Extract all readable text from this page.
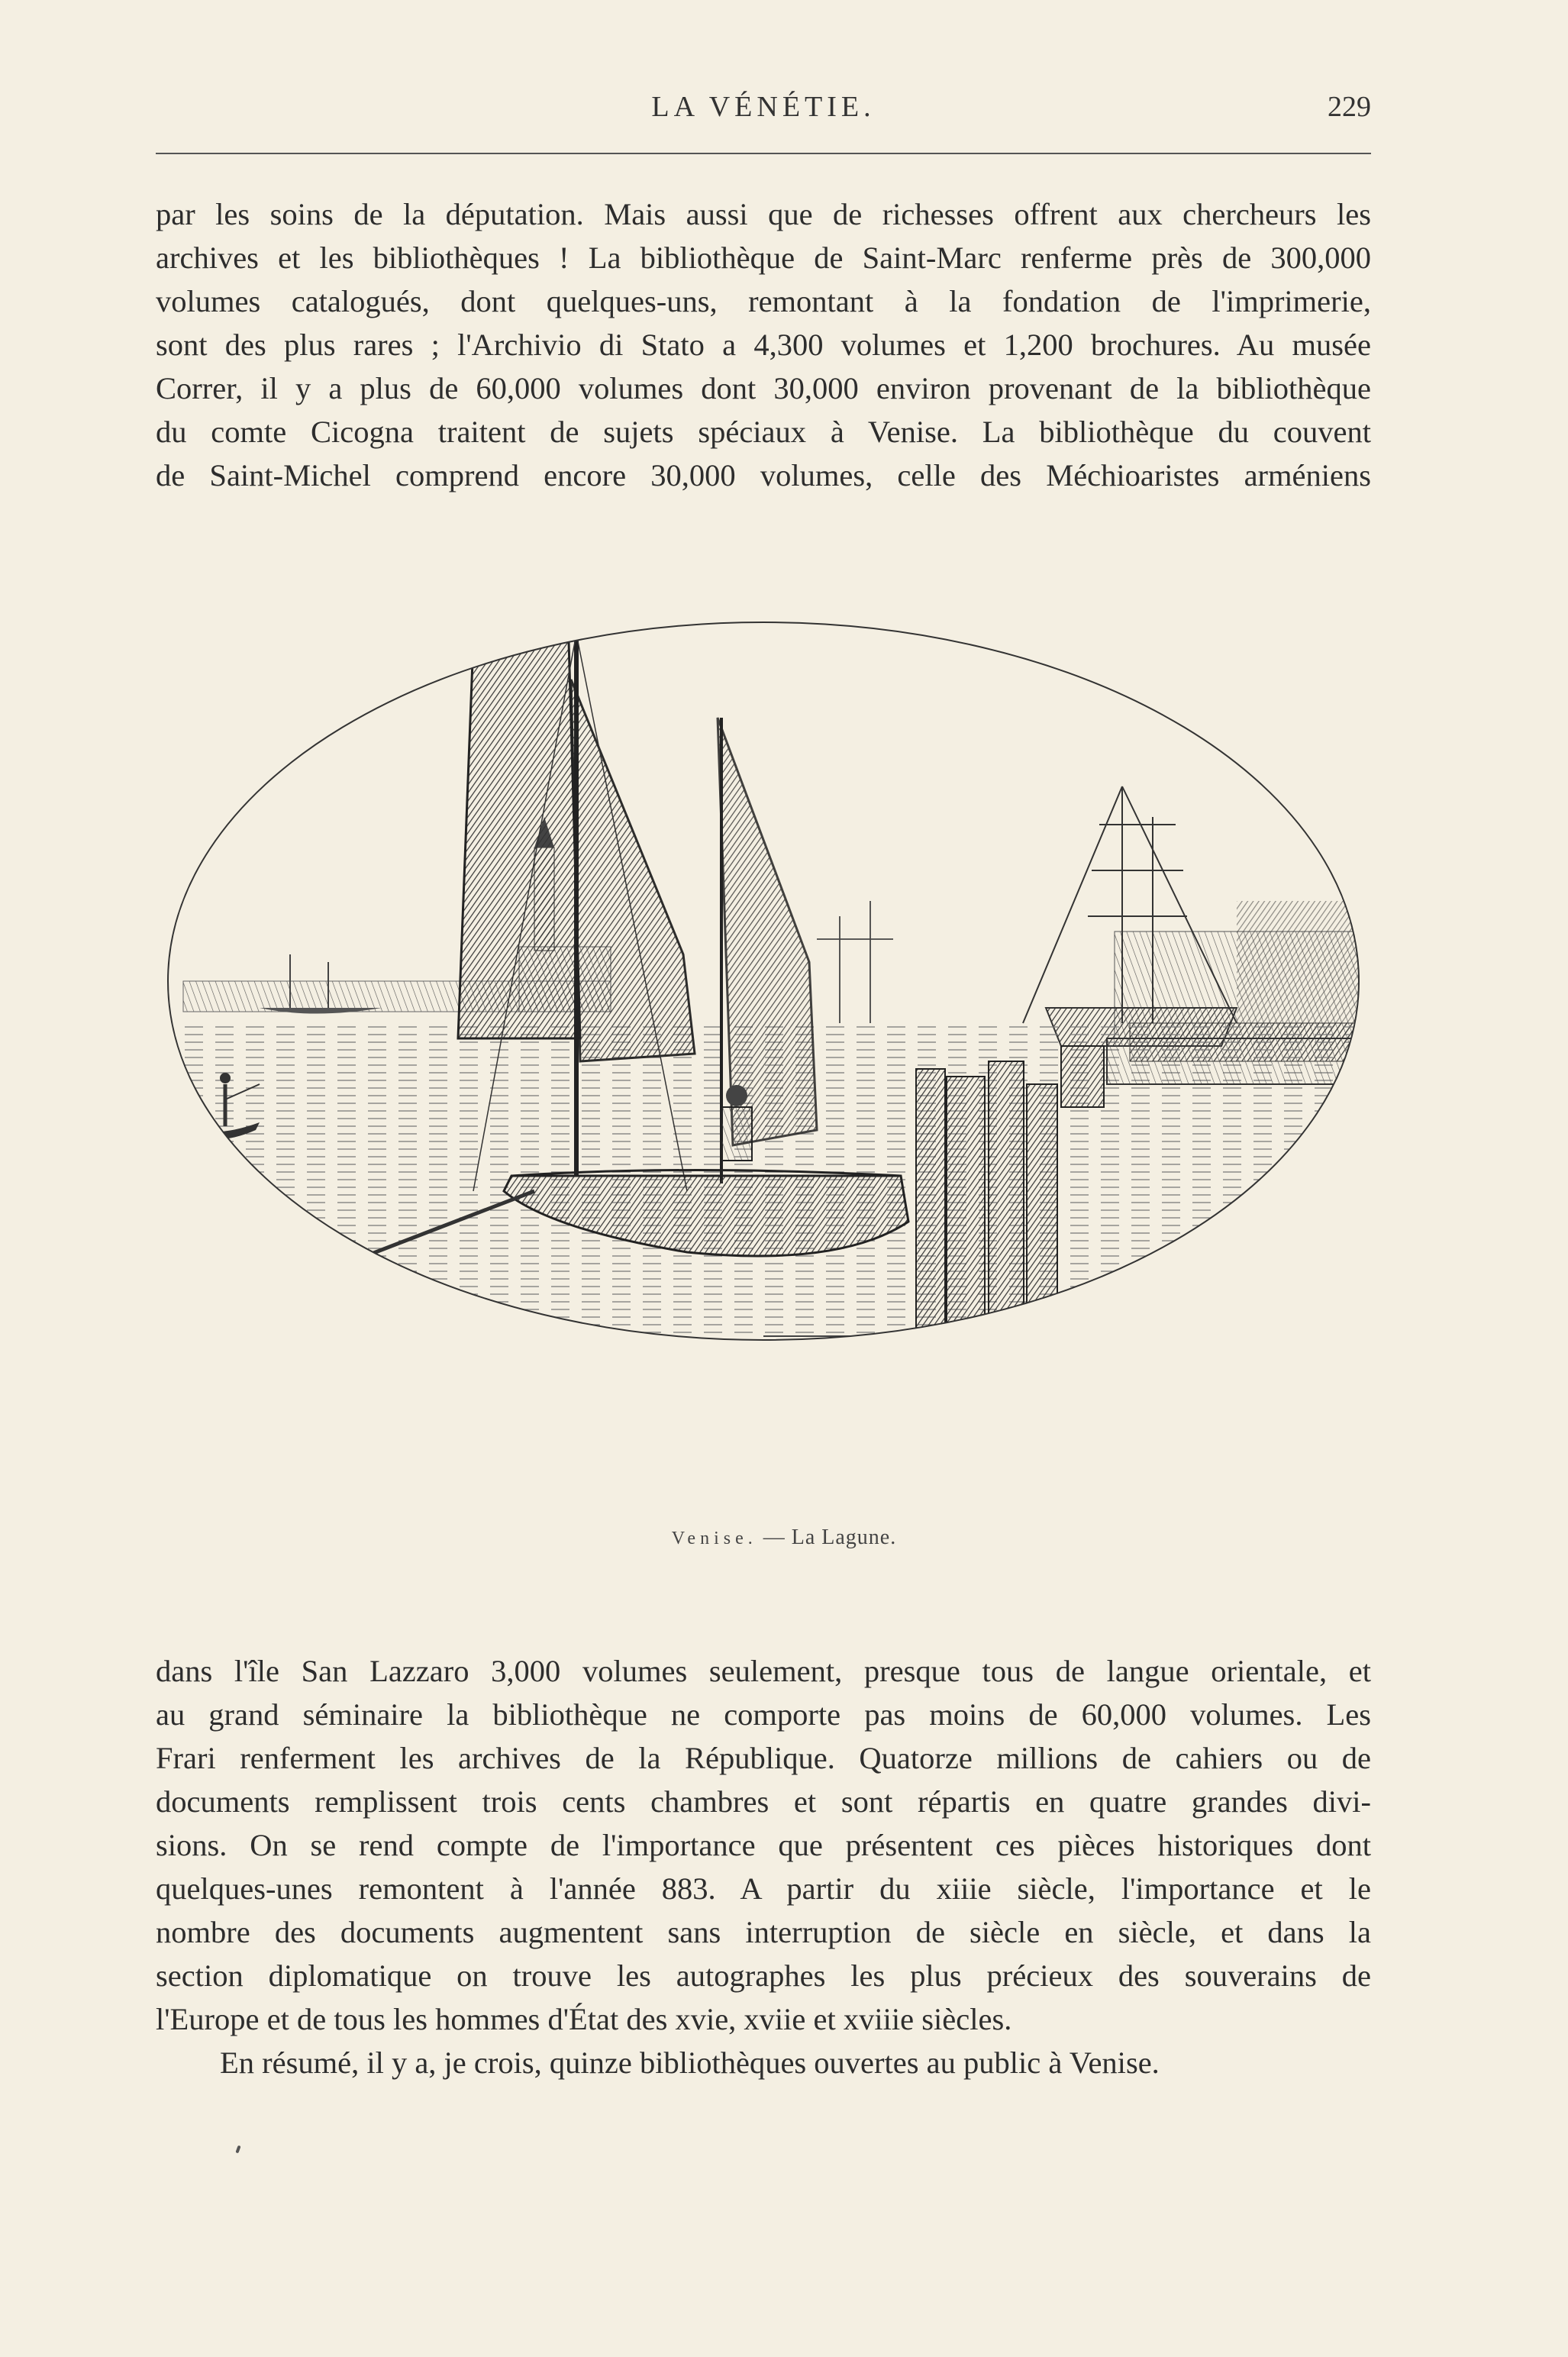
LA VÉNÉTIE.	229
par les soins de la députation. Mais aussi que de richesses offrent aux chercheurs les
archives et les bibliothèques ! La bibliothèque de Saint-Marc renferme près de 300,000
volumes catalogués, dont quelques-uns, remontant à la fondation de l'imprimerie,
sont des plus rares ; l'Archivio di Stato a 4,300 volumes et 1,200 brochures. Au musée
Correr, il y a plus de 60,000 volumes dont 30,000 environ provenant de la bibliothèque
du comte Cicogna traitent de sujets spéciaux à Venise. La bibliothèque du couvent
de Saint-Michel comprend encore 30,000 volumes, celle des Méchioaristes arméniens
Venise. — La Lagune.
dans l'île San Lazzaro 3,000 volumes seulement, presque tous de langue orientale, et
au grand séminaire la bibliothèque ne comporte pas moins de 60,000 volumes. Les
Frari renferment les archives de la République. Quatorze millions de cahiers ou de
documents remplissent trois cents chambres et sont répartis en quatre grandes divi-
sions. On se rend compte de l'importance que présentent ces pièces historiques dont
quelques-unes remontent à l'année 883. A partir du xiiie siècle, l'importance et le
nombre des documents augmentent sans interruption de siècle en siècle, et dans la
section diplomatique on trouve les autographes les plus précieux des souverains de
l'Europe et de tous les hommes d'État des xvie, xviie et xviiie siècles.
En résumé, il y a, je crois, quinze bibliothèques ouvertes au public à Venise.
